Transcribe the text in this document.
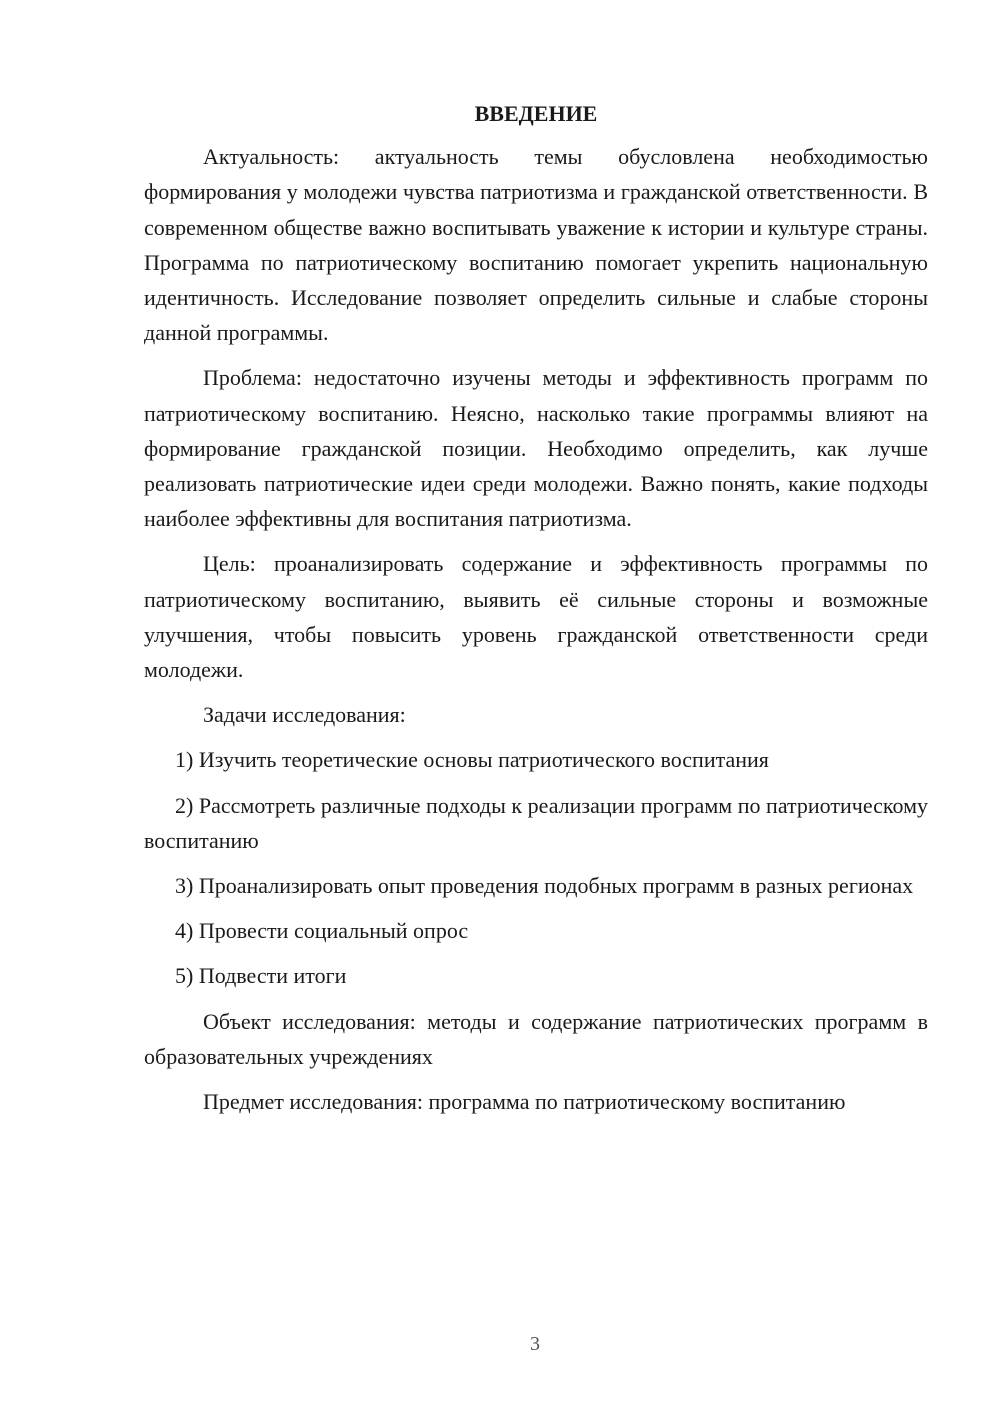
ВВЕДЕНИЕ

Актуальность: актуальность темы обусловлена необходимостью формирования у молодежи чувства патриотизма и гражданской ответственности. В современном обществе важно воспитывать уважение к истории и культуре страны. Программа по патриотическому воспитанию помогает укрепить национальную идентичность. Исследование позволяет определить сильные и слабые стороны данной программы.

Проблема: недостаточно изучены методы и эффективность программ по патриотическому воспитанию. Неясно, насколько такие программы влияют на формирование гражданской позиции. Необходимо определить, как лучше реализовать патриотические идеи среди молодежи. Важно понять, какие подходы наиболее эффективны для воспитания патриотизма.

Цель: проанализировать содержание и эффективность программы по патриотическому воспитанию, выявить её сильные стороны и возможные улучшения, чтобы повысить уровень гражданской ответственности среди молодежи.

Задачи исследования:

1) Изучить теоретические основы патриотического воспитания

2) Рассмотреть различные подходы к реализации программ по патриотическому воспитанию

3) Проанализировать опыт проведения подобных программ в разных регионах

4) Провести социальный опрос

5) Подвести итоги

Объект исследования: методы и содержание патриотических программ в образовательных учреждениях

Предмет исследования: программа по патриотическому воспитанию

3
